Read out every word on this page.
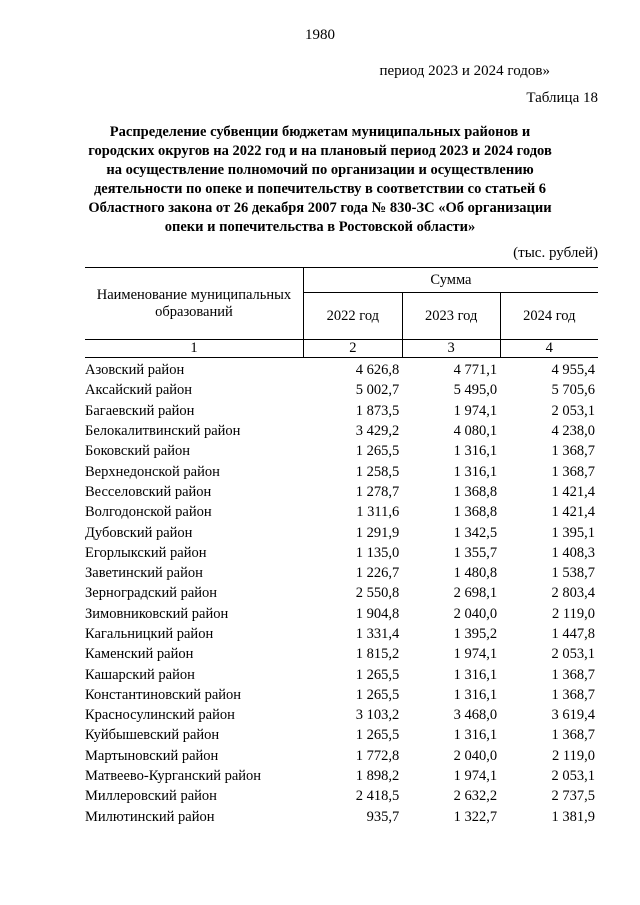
1980
период 2023 и 2024 годов»
Таблица 18
Распределение субвенции бюджетам муниципальных районов и
городских округов на 2022 год и на плановый период 2023 и 2024 годов
на осуществление полномочий по организации и осуществлению
деятельности по опеке и попечительству в соответствии со статьей 6
Областного закона от 26 декабря 2007 года № 830-ЗС «Об организации
опеки и попечительства в Ростовской области»
(тыс. рублей)
Наименование муниципальных
образований	Сумма		
	2022 год	2023 год	2024 год
1	2	3	4
Азовский район	4 626,8	4 771,1	4 955,4
Аксайский район	5 002,7	5 495,0	5 705,6
Багаевский район	1 873,5	1 974,1	2 053,1
Белокалитвинский район	3 429,2	4 080,1	4 238,0
Боковский район	1 265,5	1 316,1	1 368,7
Верхнедонской район	1 258,5	1 316,1	1 368,7
Весселовский район	1 278,7	1 368,8	1 421,4
Волгодонской район	1 311,6	1 368,8	1 421,4
Дубовский район	1 291,9	1 342,5	1 395,1
Егорлыкский район	1 135,0	1 355,7	1 408,3
Заветинский район	1 226,7	1 480,8	1 538,7
Зерноградский район	2 550,8	2 698,1	2 803,4
Зимовниковский район	1 904,8	2 040,0	2 119,0
Кагальницкий район	1 331,4	1 395,2	1 447,8
Каменский район	1 815,2	1 974,1	2 053,1
Кашарский район	1 265,5	1 316,1	1 368,7
Константиновский район	1 265,5	1 316,1	1 368,7
Красносулинский район	3 103,2	3 468,0	3 619,4
Куйбышевский район	1 265,5	1 316,1	1 368,7
Мартыновский район	1 772,8	2 040,0	2 119,0
Матвеево-Курганский район	1 898,2	1 974,1	2 053,1
Миллеровский район	2 418,5	2 632,2	2 737,5
Милютинский район	935,7	1 322,7	1 381,9
